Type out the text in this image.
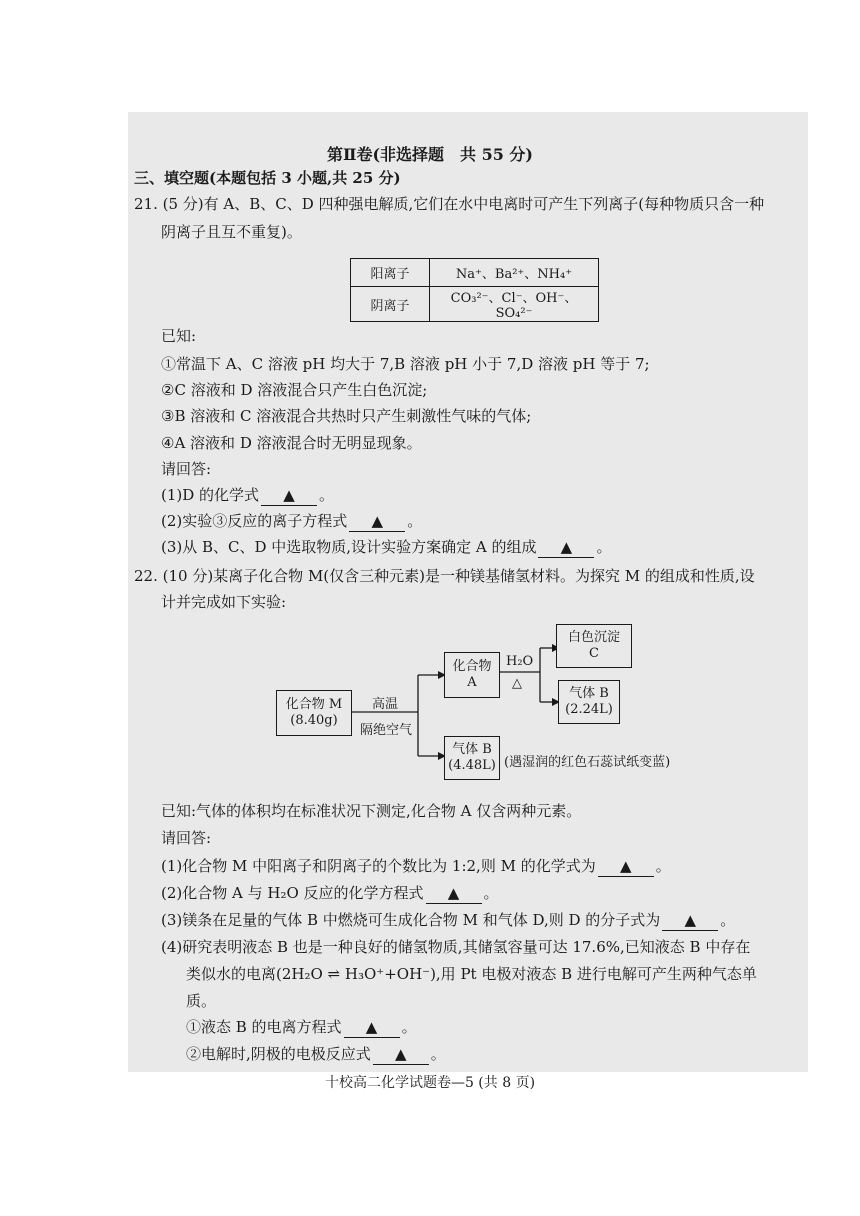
第Ⅱ卷(非选择题　共 55 分)
三、填空题(本题包括 3 小题,共 25 分)
21. (5 分)有 A、B、C、D 四种强电解质,它们在水中电离时可产生下列离子(每种物质只含一种
阴离子且互不重复)。
阳离子	Na⁺、Ba²⁺、NH₄⁺
阴离子	CO₃²⁻、Cl⁻、OH⁻、SO₄²⁻
已知:
①常温下 A、C 溶液 pH 均大于 7,B 溶液 pH 小于 7,D 溶液 pH 等于 7;
②C 溶液和 D 溶液混合只产生白色沉淀;
③B 溶液和 C 溶液混合共热时只产生刺激性气味的气体;
④A 溶液和 D 溶液混合时无明显现象。
请回答:
(1)D 的化学式 ▲ 。
(2)实验③反应的离子方程式 ▲ 。
(3)从 B、C、D 中选取物质,设计实验方案确定 A 的组成 ▲ 。
22. (10 分)某离子化合物 M(仅含三种元素)是一种镁基储氢材料。为探究 M 的组成和性质,设
计并完成如下实验:
化合物 M
(8.40g)
高温
隔绝空气
化合物
A
H₂O
△
白色沉淀
C
气体 B
(2.24L)
气体 B
(4.48L) (遇湿润的红色石蕊试纸变蓝)
已知:气体的体积均在标准状况下测定,化合物 A 仅含两种元素。
请回答:
(1)化合物 M 中阳离子和阴离子的个数比为 1:2,则 M 的化学式为 ▲ 。
(2)化合物 A 与 H₂O 反应的化学方程式 ▲ 。
(3)镁条在足量的气体 B 中燃烧可生成化合物 M 和气体 D,则 D 的分子式为 ▲ 。
(4)研究表明液态 B 也是一种良好的储氢物质,其储氢容量可达 17.6%,已知液态 B 中存在
类似水的电离(2H₂O ⇌ H₃O⁺+OH⁻),用 Pt 电极对液态 B 进行电解可产生两种气态单
质。
①液态 B 的电离方程式 ▲ 。
②电解时,阴极的电极反应式 ▲ 。
十校高二化学试题卷—5 (共 8 页)
